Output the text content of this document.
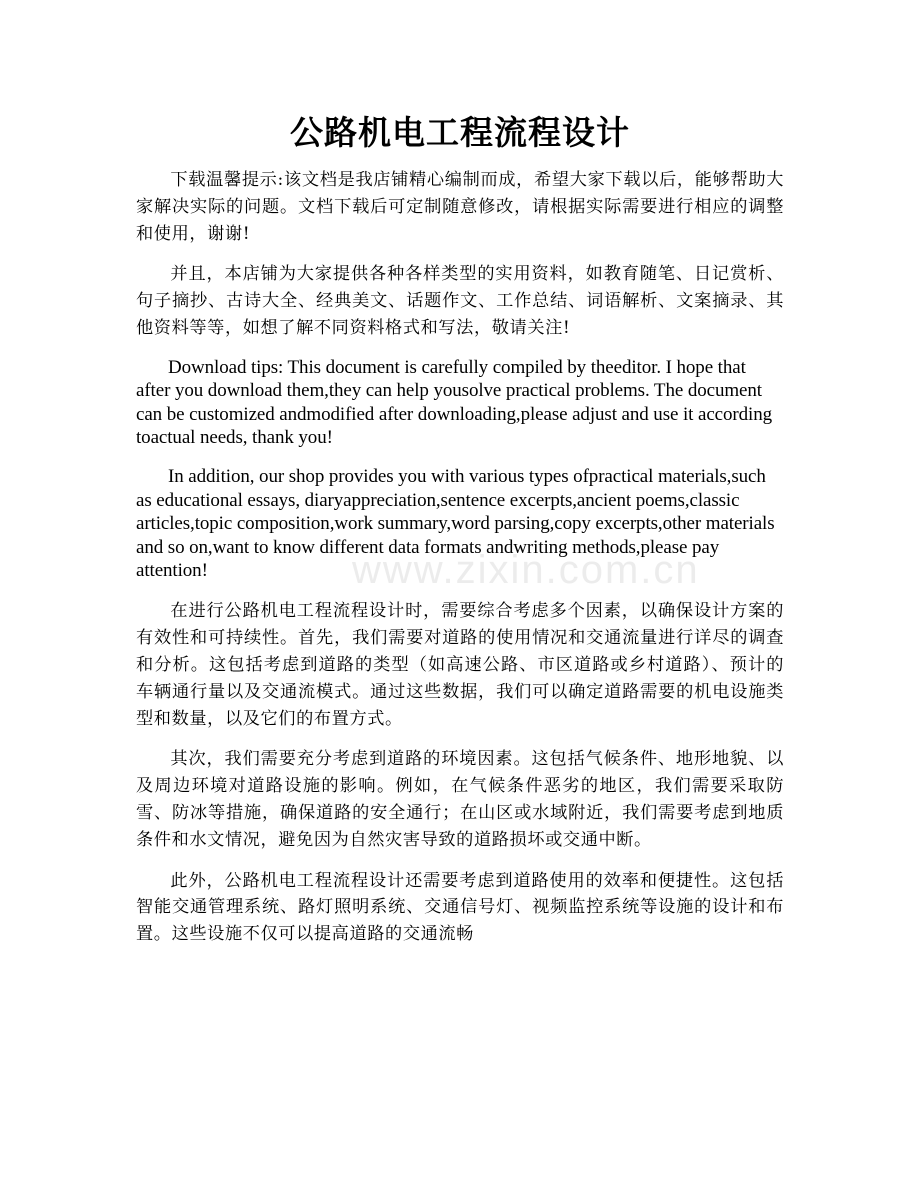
公路机电工程流程设计

下载温馨提示:该文档是我店铺精心编制而成，希望大家下载以后，能够帮助大家解决实际的问题。文档下载后可定制随意修改，请根据实际需要进行相应的调整和使用，谢谢!

并且，本店铺为大家提供各种各样类型的实用资料，如教育随笔、日记赏析、句子摘抄、古诗大全、经典美文、话题作文、工作总结、词语解析、文案摘录、其他资料等等，如想了解不同资料格式和写法，敬请关注!

Download tips: This document is carefully compiled by theeditor. I hope that after you download them,they can help yousolve practical problems. The document can be customized andmodified after downloading,please adjust and use it according toactual needs, thank you!

In addition, our shop provides you with various types ofpractical materials,such as educational essays, diaryappreciation,sentence excerpts,ancient poems,classic articles,topic composition,work summary,word parsing,copy excerpts,other materials and so on,want to know different data formats andwriting methods,please pay attention!

在进行公路机电工程流程设计时，需要综合考虑多个因素，以确保设计方案的有效性和可持续性。首先，我们需要对道路的使用情况和交通流量进行详尽的调查和分析。这包括考虑到道路的类型（如高速公路、市区道路或乡村道路）、预计的车辆通行量以及交通流模式。通过这些数据，我们可以确定道路需要的机电设施类型和数量，以及它们的布置方式。

其次，我们需要充分考虑到道路的环境因素。这包括气候条件、地形地貌、以及周边环境对道路设施的影响。例如，在气候条件恶劣的地区，我们需要采取防雪、防冰等措施，确保道路的安全通行；在山区或水域附近，我们需要考虑到地质条件和水文情况，避免因为自然灾害导致的道路损坏或交通中断。

此外，公路机电工程流程设计还需要考虑到道路使用的效率和便捷性。这包括智能交通管理系统、路灯照明系统、交通信号灯、视频监控系统等设施的设计和布置。这些设施不仅可以提高道路的交通流畅

www.zixin.com.cn
